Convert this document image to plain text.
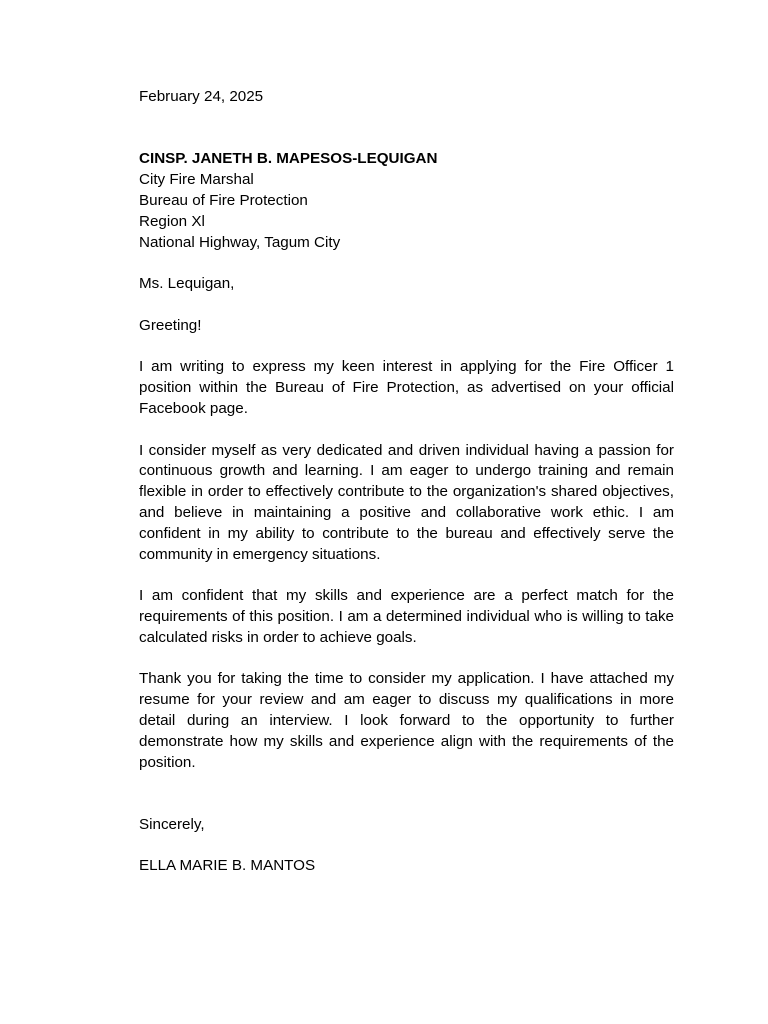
February 24, 2025

CINSP. JANETH B. MAPESOS-LEQUIGAN

City Fire Marshal

Bureau of Fire Protection

Region Xl

National Highway, Tagum City

Ms. Lequigan,

Greeting!

I am writing to express my keen interest in applying for the Fire Officer 1 position within the Bureau of Fire Protection, as advertised on your official Facebook page.

I consider myself as very dedicated and driven individual having a passion for continuous growth and learning. I am eager to undergo training and remain flexible in order to effectively contribute to the organization's shared objectives, and believe in maintaining a positive and collaborative work ethic. I am confident in my ability to contribute to the bureau and effectively serve the community in emergency situations.

I am confident that my skills and experience are a perfect match for the requirements of this position. I am a determined individual who is willing to take calculated risks in order to achieve goals.

Thank you for taking the time to consider my application. I have attached my resume for your review and am eager to discuss my qualifications in more detail during an interview. I look forward to the opportunity to further demonstrate how my skills and experience align with the requirements of the position.

Sincerely,

ELLA MARIE B. MANTOS
